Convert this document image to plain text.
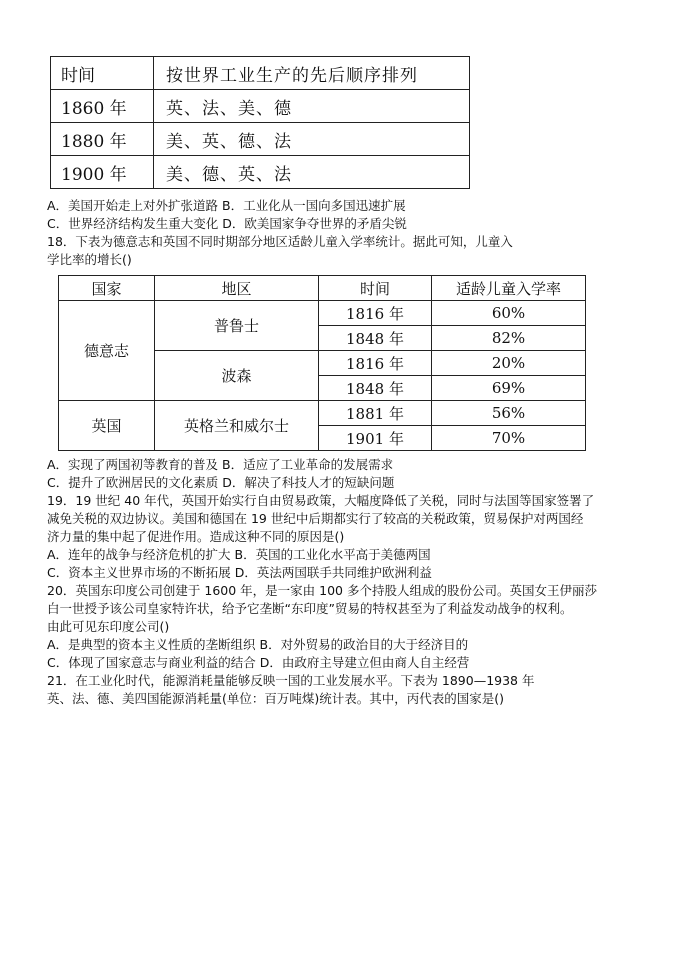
时间	按世界工业生产的先后顺序排列
1860 年	英、法、美、德
1880 年	美、英、德、法
1900 年	美、德、英、法
A．美国开始走上对外扩张道路 B．工业化从一国向多国迅速扩展
C．世界经济结构发生重大变化 D．欧美国家争夺世界的矛盾尖锐
18．下表为德意志和英国不同时期部分地区适龄儿童入学率统计。据此可知，儿童入
学比率的增长()
国家	地区	时间	适龄儿童入学率
德意志	普鲁士	1816 年	60%
		1848 年	82%
	波森	1816 年	20%
		1848 年	69%
英国	英格兰和威尔士	1881 年	56%
		1901 年	70%
A．实现了两国初等教育的普及 B．适应了工业革命的发展需求
C．提升了欧洲居民的文化素质 D．解决了科技人才的短缺问题
19．19 世纪 40 年代，英国开始实行自由贸易政策，大幅度降低了关税，同时与法国等国家签署了
减免关税的双边协议。美国和德国在 19 世纪中后期都实行了较高的关税政策，贸易保护对两国经
济力量的集中起了促进作用。造成这种不同的原因是()
A．连年的战争与经济危机的扩大 B．英国的工业化水平高于美德两国
C．资本主义世界市场的不断拓展 D．英法两国联手共同维护欧洲利益
20．英国东印度公司创建于 1600 年，是一家由 100 多个持股人组成的股份公司。英国女王伊丽莎
白一世授予该公司皇家特许状，给予它垄断“东印度”贸易的特权甚至为了利益发动战争的权利。
由此可见东印度公司()
A．是典型的资本主义性质的垄断组织 B．对外贸易的政治目的大于经济目的
C．体现了国家意志与商业利益的结合 D．由政府主导建立但由商人自主经营
21．在工业化时代，能源消耗量能够反映一国的工业发展水平。下表为 1890—1938 年
英、法、德、美四国能源消耗量(单位：百万吨煤)统计表。其中，丙代表的国家是()
